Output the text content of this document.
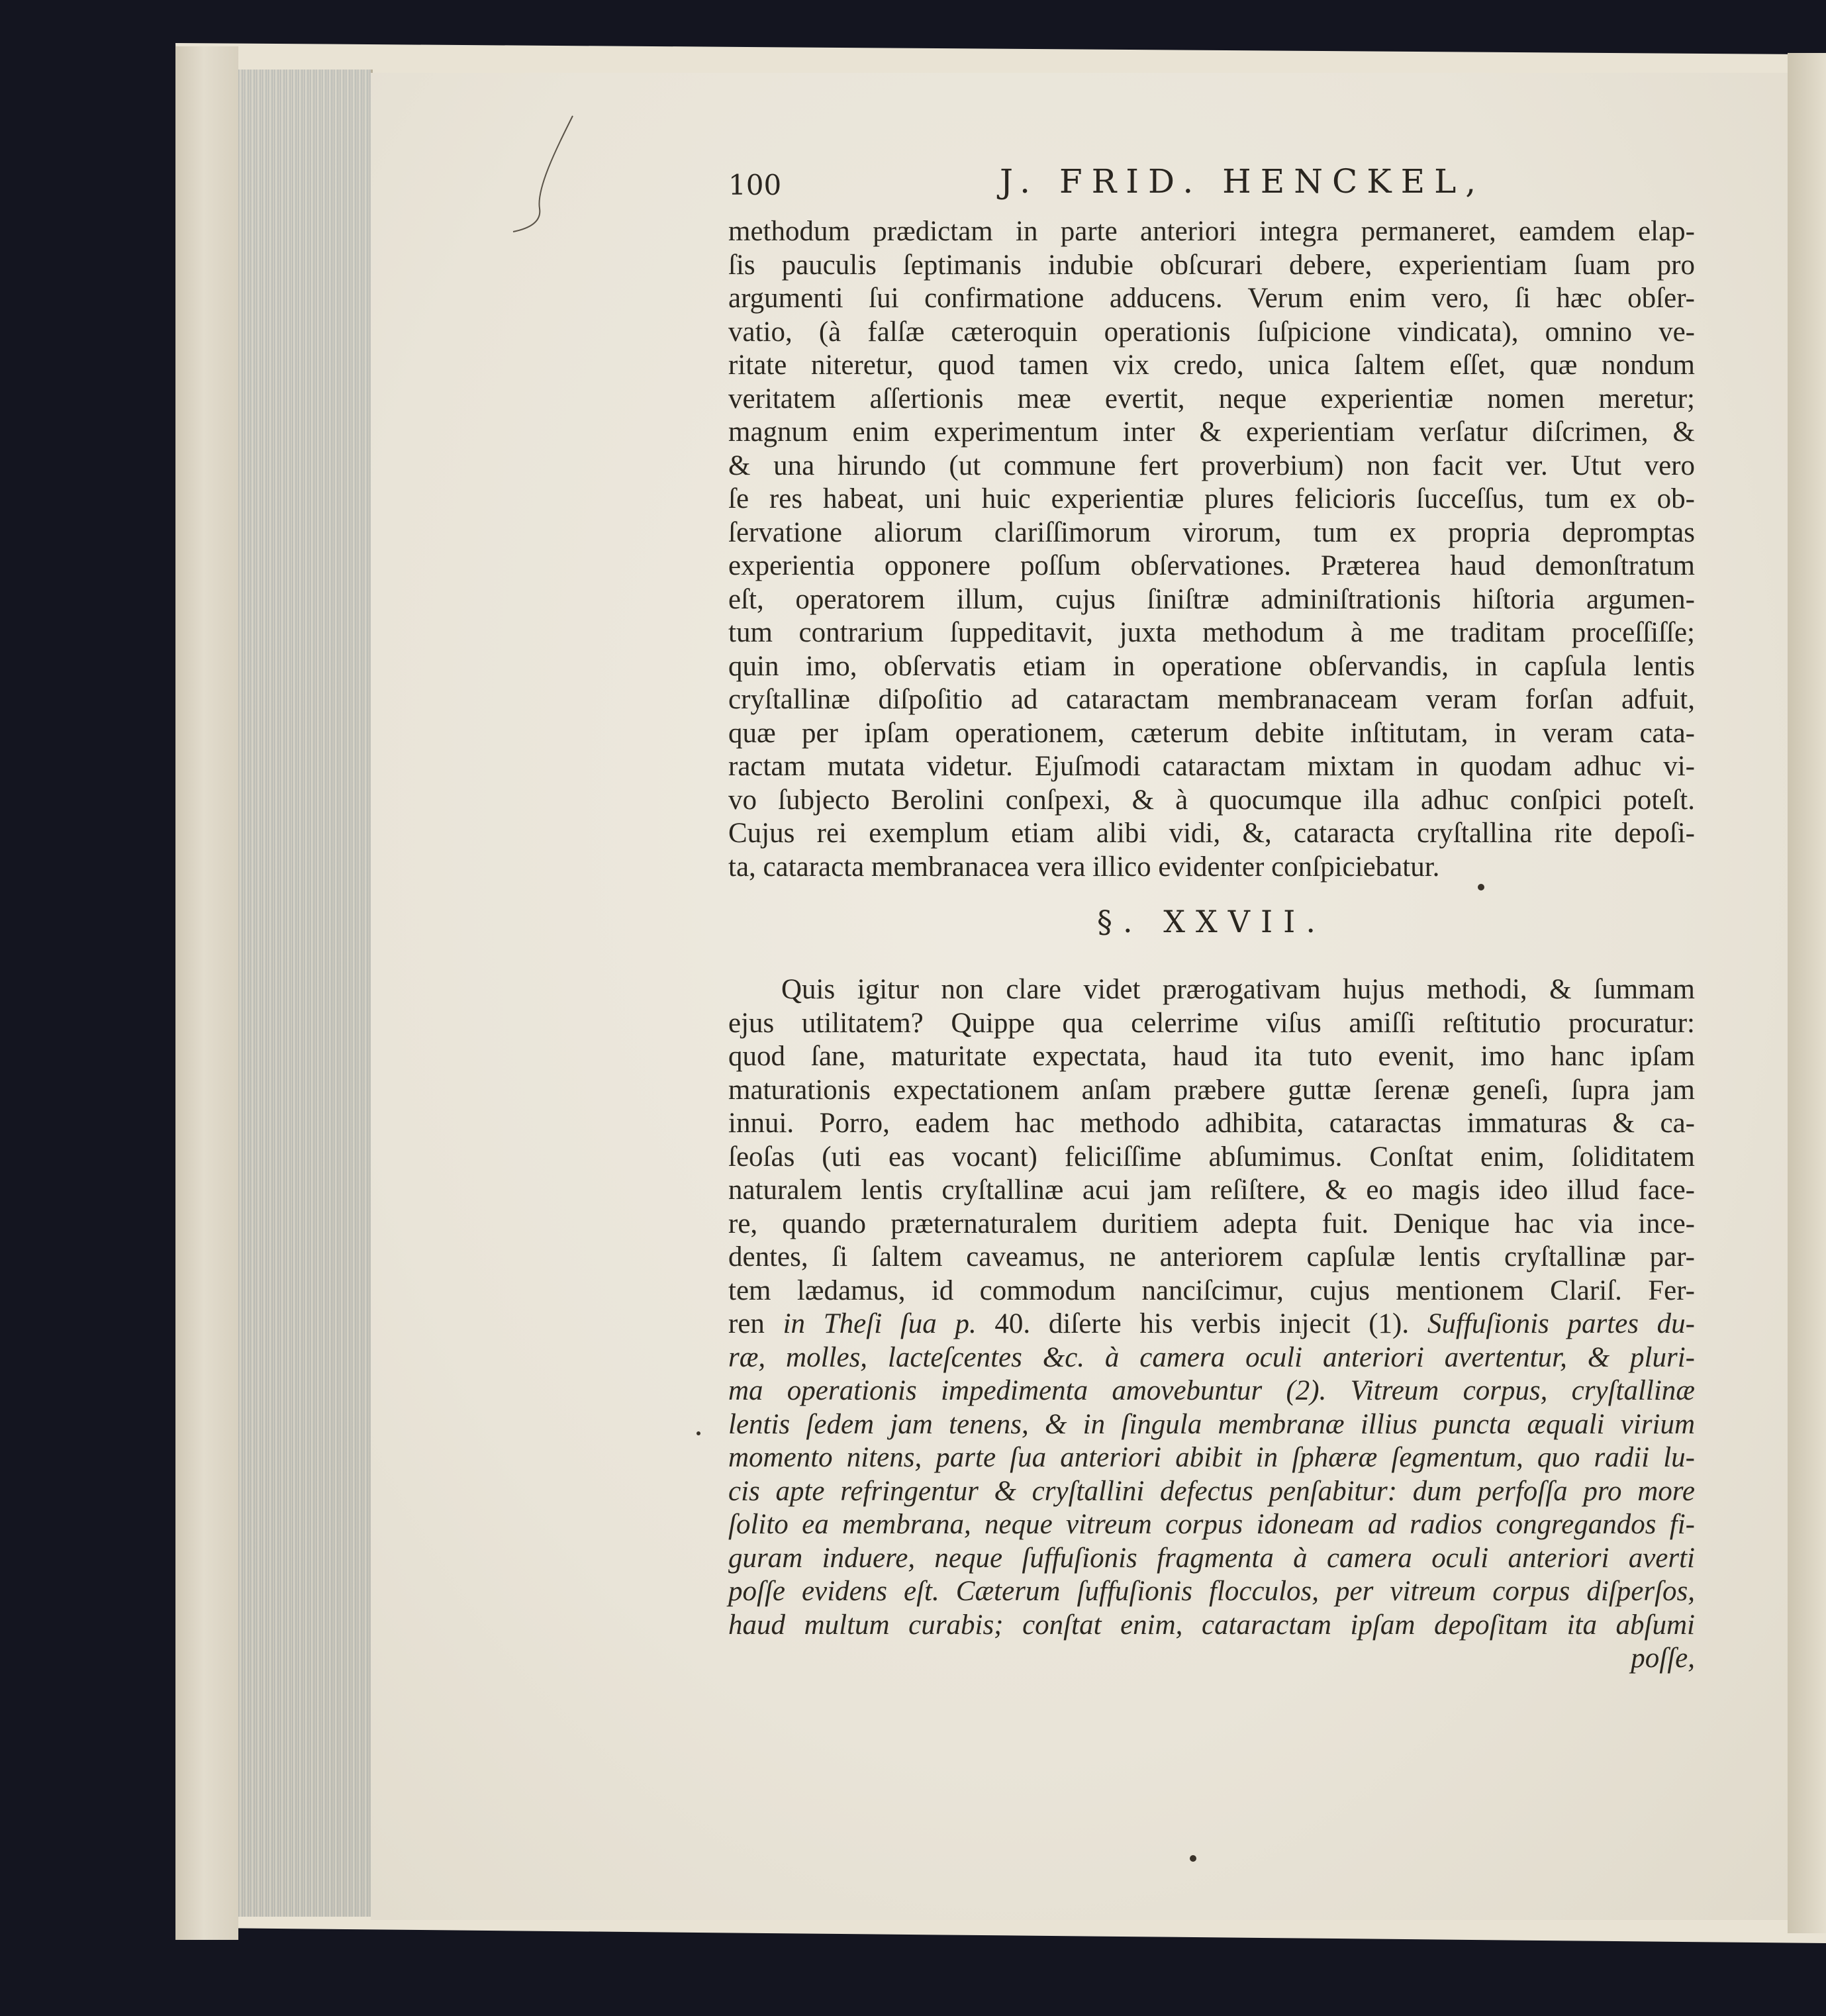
100	J. FRID. HENCKEL,
methodum prædictam in parte anteriori integra permaneret, eamdem elap-
ſis pauculis ſeptimanis indubie obſcurari debere, experientiam ſuam pro
argumenti ſui confirmatione adducens. Verum enim vero, ſi hæc obſer-
vatio, (à falſæ cæteroquin operationis ſuſpicione vindicata), omnino ve-
ritate niteretur, quod tamen vix credo, unica ſaltem eſſet, quæ nondum
veritatem aſſertionis meæ evertit, neque experientiæ nomen meretur;
magnum enim experimentum inter & experientiam verſatur diſcrimen, &
& una hirundo (ut commune fert proverbium) non facit ver. Utut vero
ſe res habeat, uni huic experientiæ plures felicioris ſucceſſus, tum ex ob-
ſervatione aliorum clariſſimorum virorum, tum ex propria depromptas
experientia opponere poſſum obſervationes. Præterea haud demonſtratum
eſt, operatorem illum, cujus ſiniſtræ adminiſtrationis hiſtoria argumen-
tum contrarium ſuppeditavit, juxta methodum à me traditam proceſſiſſe;
quin imo, obſervatis etiam in operatione obſervandis, in capſula lentis
cryſtallinæ diſpoſitio ad cataractam membranaceam veram forſan adfuit,
quæ per ipſam operationem, cæterum debite inſtitutam, in veram cata-
ractam mutata videtur. Ejuſmodi cataractam mixtam in quodam adhuc vi-
vo ſubjecto Berolini conſpexi, & à quocumque illa adhuc conſpici poteſt.
Cujus rei exemplum etiam alibi vidi, &, cataracta cryſtallina rite depoſi-
ta, cataracta membranacea vera illico evidenter conſpiciebatur.
§. XXVII.
Quis igitur non clare videt prærogativam hujus methodi, & ſummam
ejus utilitatem? Quippe qua celerrime viſus amiſſi reſtitutio procuratur:
quod ſane, maturitate expectata, haud ita tuto evenit, imo hanc ipſam
maturationis expectationem anſam præbere guttæ ſerenæ geneſi, ſupra jam
innui. Porro, eadem hac methodo adhibita, cataractas immaturas & ca-
ſeoſas (uti eas vocant) feliciſſime abſumimus. Conſtat enim, ſoliditatem
naturalem lentis cryſtallinæ acui jam reſiſtere, & eo magis ideo illud face-
re, quando præternaturalem duritiem adepta fuit. Denique hac via ince-
dentes, ſi ſaltem caveamus, ne anteriorem capſulæ lentis cryſtallinæ par-
tem lædamus, id commodum nanciſcimur, cujus mentionem Clariſ. Fer-
ren in Theſi ſua p. 40. diſerte his verbis injecit (1). Suffuſionis partes du-
ræ, molles, lacteſcentes &c. à camera oculi anteriori avertentur, & pluri-
ma operationis impedimenta amovebuntur (2). Vitreum corpus, cryſtallinæ
lentis ſedem jam tenens, & in ſingula membranæ illius puncta æquali virium
momento nitens, parte ſua anteriori abibit in ſphæræ ſegmentum, quo radii lu-
cis apte refringentur & cryſtallini defectus penſabitur: dum perfoſſa pro more
ſolito ea membrana, neque vitreum corpus idoneam ad radios congregandos fi-
guram induere, neque ſuffuſionis fragmenta à camera oculi anteriori averti
poſſe evidens eſt. Cæterum ſuffuſionis flocculos, per vitreum corpus diſperſos,
haud multum curabis; conſtat enim, cataractam ipſam depoſitam ita abſumi
poſſe,
